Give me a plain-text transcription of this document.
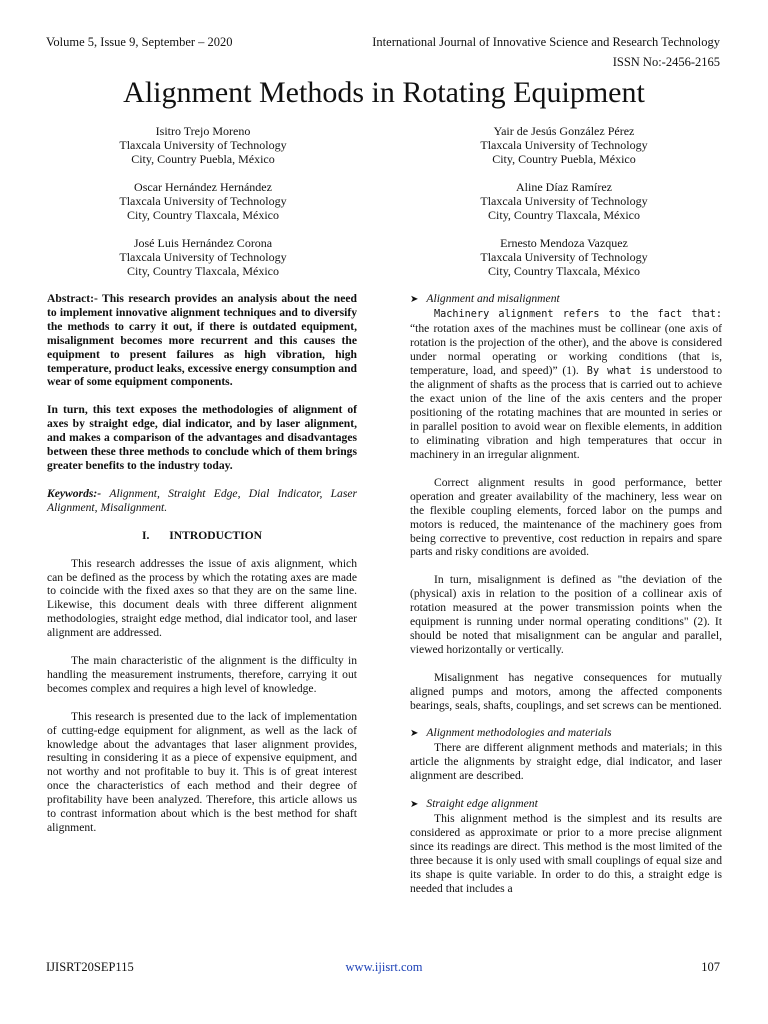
Volume 5, Issue 9, September – 2020	International Journal of Innovative Science and Research Technology
ISSN No:-2456-2165
Alignment Methods in Rotating Equipment
Isitro Trejo Moreno
Tlaxcala University of Technology
City, Country Puebla, México
Oscar Hernández Hernández
Tlaxcala University of Technology
City, Country Tlaxcala, México
José Luis Hernández Corona
Tlaxcala University of Technology
City, Country Tlaxcala, México
Yair de Jesús González Pérez
Tlaxcala University of Technology
City, Country Puebla, México
Aline Díaz Ramírez
Tlaxcala University of Technology
City, Country Tlaxcala, México
Ernesto Mendoza Vazquez
Tlaxcala University of Technology
City, Country Tlaxcala, México

Abstract:- This research provides an analysis about the need to implement innovative alignment techniques and to diversify the methods to carry it out, if there is outdated equipment, misalignment becomes more recurrent and this causes the equipment to present failures as high vibration, high temperature, product leaks, excessive energy consumption and wear of some equipment components.

In turn, this text exposes the methodologies of alignment of axes by straight edge, dial indicator, and by laser alignment, and makes a comparison of the advantages and disadvantages between these three methods to conclude which of them brings greater benefits to the industry today.

Keywords:- Alignment, Straight Edge, Dial Indicator, Laser Alignment, Misalignment.

I. INTRODUCTION

This research addresses the issue of axis alignment, which can be defined as the process by which the rotating axes are made to coincide with the fixed axes so that they are on the same line. Likewise, this document deals with three different alignment methodologies, straight edge method, dial indicator tool, and laser alignment are addressed.

The main characteristic of the alignment is the difficulty in handling the measurement instruments, therefore, carrying it out becomes complex and requires a high level of knowledge.

This research is presented due to the lack of implementation of cutting-edge equipment for alignment, as well as the lack of knowledge about the advantages that laser alignment provides, resulting in considering it as a piece of expensive equipment, and not worthy and not profitable to buy it. This is of great interest once the characteristics of each method and their degree of profitability have been analyzed. Therefore, this article allows us to contrast information about which is the best method for shaft alignment.

➤ Alignment and misalignment

Machinery alignment refers to the fact that: “the rotation axes of the machines must be collinear (one axis of rotation is the projection of the other), and the above is considered under normal operating or working conditions (that is, temperature, load, and speed)” (1). By what is understood to the alignment of shafts as the process that is carried out to achieve the exact union of the line of the axis centers and the proper positioning of the rotating machines that are mounted in series or in parallel position to avoid wear on flexible elements, in addition to eliminating vibration and high temperatures that occur in machinery in an irregular alignment.

Correct alignment results in good performance, better operation and greater availability of the machinery, less wear on the flexible coupling elements, forced labor on the pumps and motors is reduced, the maintenance of the machinery goes from being corrective to preventive, cost reduction in repairs and spare parts and risky conditions are avoided.

In turn, misalignment is defined as "the deviation of the (physical) axis in relation to the position of a collinear axis of rotation measured at the power transmission points when the equipment is running under normal operating conditions" (2). It should be noted that misalignment can be angular and parallel, viewed horizontally or vertically.

Misalignment has negative consequences for mutually aligned pumps and motors, among the affected components bearings, seals, shafts, couplings, and set screws can be mentioned.

➤ Alignment methodologies and materials

There are different alignment methods and materials; in this article the alignments by straight edge, dial indicator, and laser alignment are described.

➤ Straight edge alignment

This alignment method is the simplest and its results are considered as approximate or prior to a more precise alignment since its readings are direct. This method is the most limited of the three because it is only used with small couplings of equal size and its shape is quite variable. In order to do this, a straight edge is needed that includes a

IJISRT20SEP115	www.ijisrt.com	107
